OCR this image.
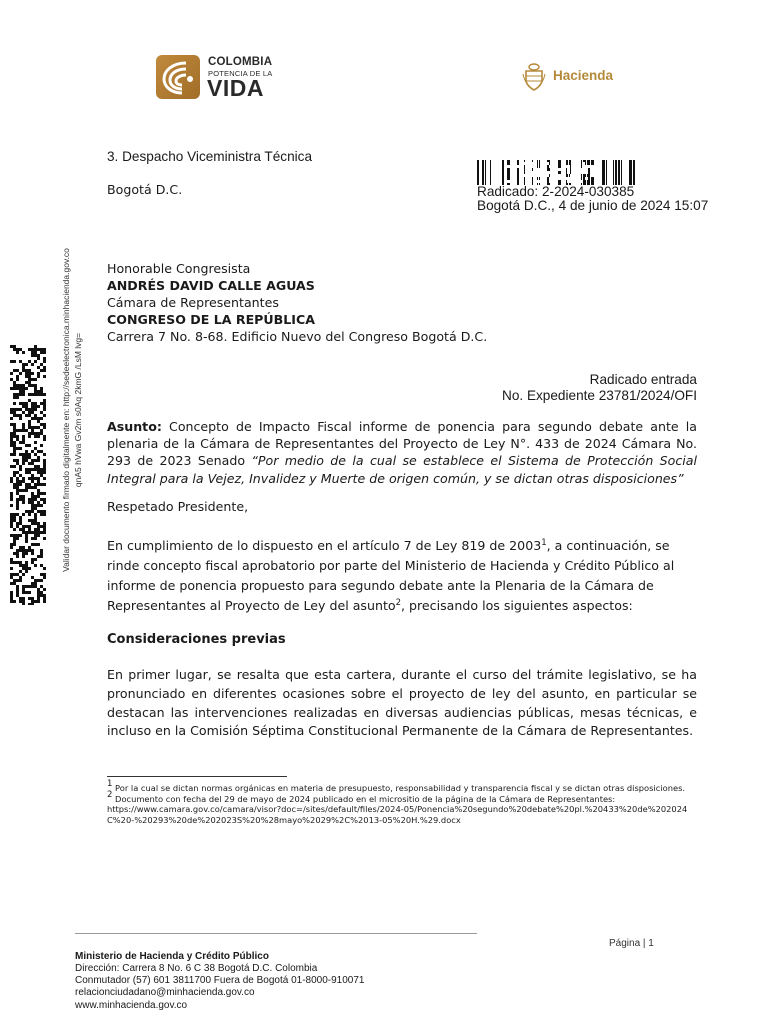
COLOMBIA
POTENCIA DE LA
VIDA	Hacienda
Validar documento firmado digitalmente en: http://sedeelectronica.minhacienda.gov.co qnA5 hVwa Gv2m s0Aq 2kmG /LsM lvg=
3. Despacho Viceministra Técnica
Bogotá D.C.	Radicado: 2-2024-030385
Bogotá D.C., 4 de junio de 2024 15:07
Honorable Congresista
ANDRÉS DAVID CALLE AGUAS
Cámara de Representantes
CONGRESO DE LA REPÚBLICA
Carrera 7 No. 8-68. Edificio Nuevo del Congreso Bogotá D.C.
Radicado entrada
No. Expediente 23781/2024/OFI
Asunto: Concepto de Impacto Fiscal informe de ponencia para segundo debate ante la plenaria de la Cámara de Representantes del Proyecto de Ley N°. 433 de 2024 Cámara No. 293 de 2023 Senado “Por medio de la cual se establece el Sistema de Protección Social Integral para la Vejez, Invalidez y Muerte de origen común, y se dictan otras disposiciones”
Respetado Presidente,
En cumplimiento de lo dispuesto en el artículo 7 de Ley 819 de 2003$^1$, a continuación, se rinde concepto fiscal aprobatorio por parte del Ministerio de Hacienda y Crédito Público al informe de ponencia propuesto para segundo debate ante la Plenaria de la Cámara de Representantes al Proyecto de Ley del asunto$^2$, precisando los siguientes aspectos:
Consideraciones previas
En primer lugar, se resalta que esta cartera, durante el curso del trámite legislativo, se ha pronunciado en diferentes ocasiones sobre el proyecto de ley del asunto, en particular se destacan las intervenciones realizadas en diversas audiencias públicas, mesas técnicas, e incluso en la Comisión Séptima Constitucional Permanente de la Cámara de Representantes.
$^1$ Por la cual se dictan normas orgánicas en materia de presupuesto, responsabilidad y transparencia fiscal y se dictan otras disposiciones.
$^2$ Documento con fecha del 29 de mayo de 2024 publicado en el micrositio de la página de la Cámara de Representantes:
https://www.camara.gov.co/camara/visor?doc=/sites/default/files/2024-05/Ponencia%20segundo%20debate%20pl.%20433%20de%202024C%20-%20293%20de%202023S%20%28mayo%2029%2C%2013-05%20H.%29.docx
Página | 1
Ministerio de Hacienda y Crédito Público
Dirección: Carrera 8 No. 6 C 38 Bogotá D.C. Colombia
Conmutador (57) 601 3811700 Fuera de Bogotá 01-8000-910071
relacionciudadano@minhacienda.gov.co
www.minhacienda.gov.co
